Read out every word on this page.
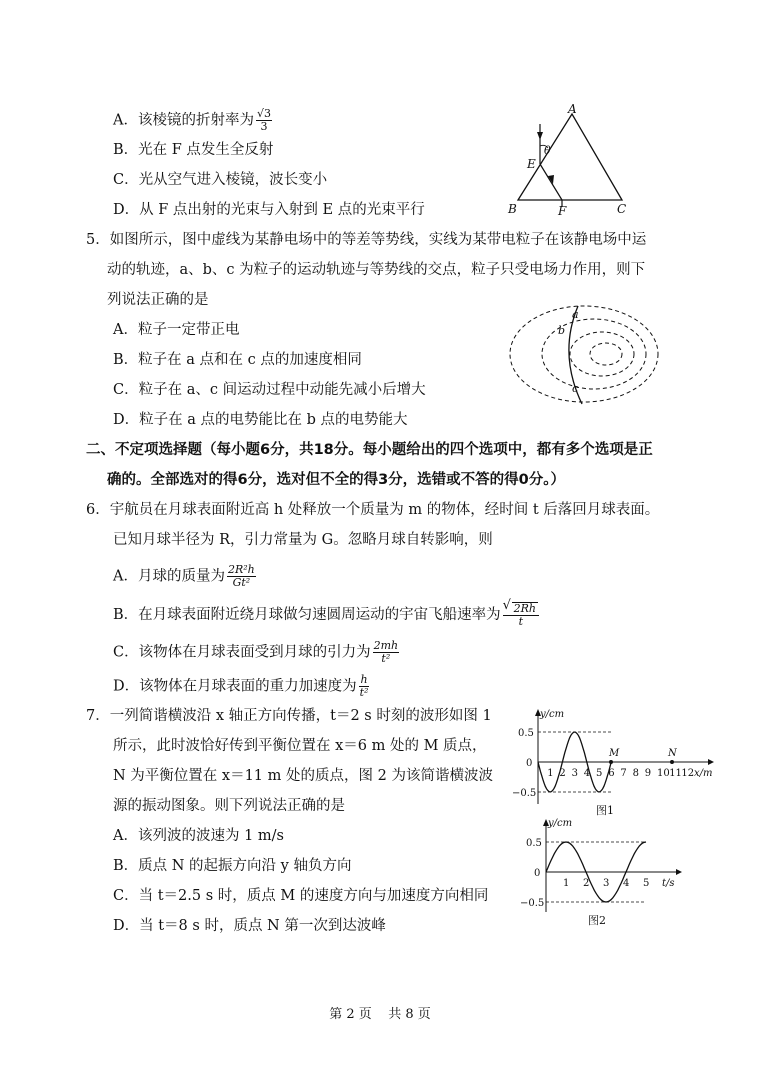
A．该棱镜的折射率为 $\frac{√3}{3}$
B．光在 F 点发生全反射
C．光从空气进入棱镜，波长变小
D．从 F 点出射的光束与入射到 E 点的光束平行
A
B	C
E
F
θ
5．如图所示，图中虚线为某静电场中的等差等势线，实线为某带电粒子在该静电场中运
动的轨迹，a、b、c 为粒子的运动轨迹与等势线的交点，粒子只受电场力作用，则下
列说法正确的是
A．粒子一定带正电
B．粒子在 a 点和在 c 点的加速度相同
C．粒子在 a、c 间运动过程中动能先减小后增大
D．粒子在 a 点的电势能比在 b 点的电势能大
a
b
c
二、不定项选择题（每小题6分，共18分。每小题给出的四个选项中，都有多个选项是正
确的。全部选对的得6分，选对但不全的得3分，选错或不答的得0分。）
6．宇航员在月球表面附近高 h 处释放一个质量为 m 的物体，经时间 t 后落回月球表面。
已知月球半径为 R，引力常量为 G。忽略月球自转影响，则
A．月球的质量为 $\frac{\text{2R²h}}{\text{Gt²}}$
B．在月球表面附近绕月球做匀速圆周运动的宇宙飞船速率为
√ $\frac{2Rh}{t}$
C．该物体在月球表面受到月球的引力为 $\frac{2mh}{\text{t²}}$
D．该物体在月球表面的重力加速度为 $\frac{h}{\text{t²}}$
7．一列简谐横波沿 x 轴正方向传播，t＝2 s 时刻的波形如图 1
所示，此时波恰好传到平衡位置在 x＝6 m 处的 M 质点，
N 为平衡位置在 x＝11 m 处的质点，图 2 为该简谐横波波
源的振动图象。则下列说法正确的是
A．该列波的波速为 1 m/s
B．质点 N 的起振方向沿 y 轴负方向
C．当 t＝2.5 s 时，质点 M 的速度方向与加速度方向相同
D．当 t＝8 s 时，质点 N 第一次到达波峰
1 2 3 4 5 6 7 8 9 10 11 12
y/cm
x/m
0.5
0
−0.5
M	N
图1
1 2 3 4 5
y/cm
t/s
0.5
0
−0.5
图2
第 2 页 共 8 页
